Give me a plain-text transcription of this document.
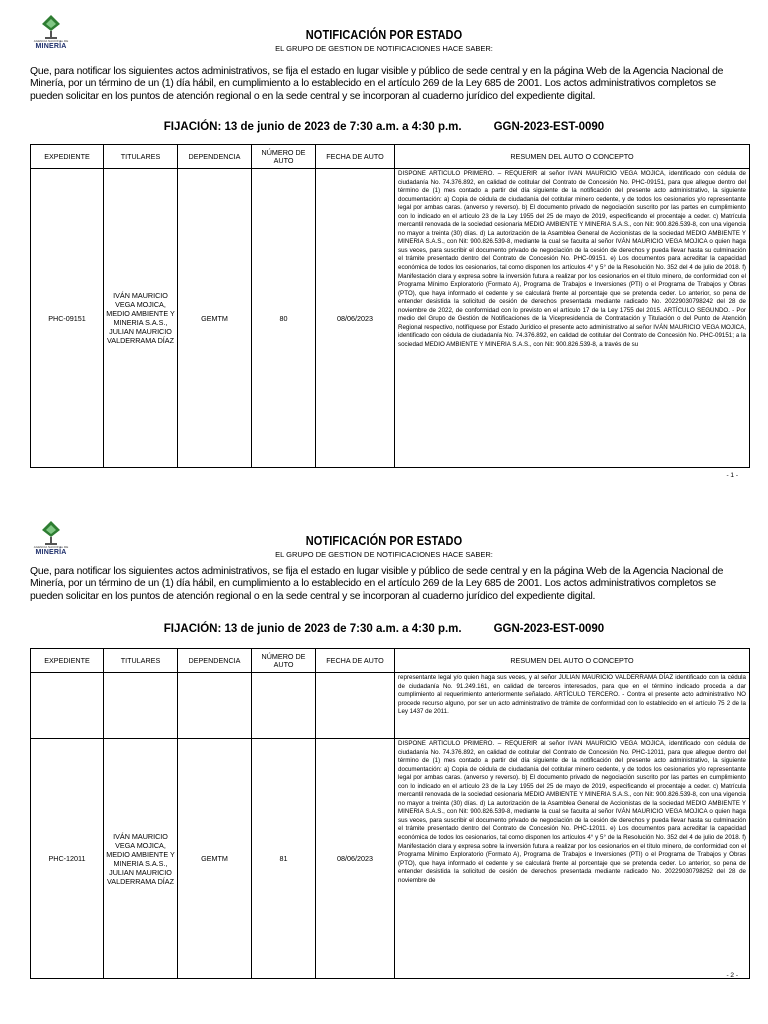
AGENCIA NACIONAL DE
MINERÍA
NOTIFICACIÓN POR ESTADO
EL GRUPO DE GESTION DE NOTIFICACIONES HACE SABER:
Que, para notificar los siguientes actos administrativos, se fija el estado en lugar visible y público de sede central y en la página Web de la Agencia Nacional de Minería, por un término de un (1) día hábil, en cumplimiento a lo establecido en el artículo 269 de la Ley 685 de 2001. Los actos administrativos completos se pueden solicitar en los puntos de atención regional o en la sede central y se incorporan al cuaderno jurídico del expediente digital.
FIJACIÓN: 13 de junio de 2023 de 7:30 a.m. a 4:30 p.m.	GGN-2023-EST-0090
EXPEDIENTE	TITULARES	DEPENDENCIA	NÚMERO DE AUTO	FECHA DE AUTO	RESUMEN DEL AUTO O CONCEPTO
PHC-09151	IVÁN MAURICIO VEGA MOJICA, MEDIO AMBIENTE Y MINERIA S.A.S., JULIAN MAURICIO VALDERRAMA DÍAZ	GEMTM	80	08/06/2023	DISPONE ARTÍCULO PRIMERO. – REQUERIR al señor IVÁN MAURICIO VEGA MOJICA, identificado con cédula de ciudadanía No. 74.376.892, en calidad de cotitular del Contrato de Concesión No. PHC-09151, para que allegue dentro del término de (1) mes contado a partir del día siguiente de la notificación del presente acto administrativo, la siguiente documentación: a) Copia de cédula de ciudadanía del cotitular minero cedente, y de todos los cesionarios y/o representante legal por ambas caras. (anverso y reverso). b) El documento privado de negociación suscrito por las partes en cumplimiento con lo indicado en el artículo 23 de la Ley 1955 del 25 de mayo de 2019, especificando el procentaje a ceder. c) Matrícula mercantil renovada de la sociedad cesionaria MEDIO AMBIENTE Y MINERIA S.A.S., con Nit: 900.826.539-8, con una vigencia no mayor a treinta (30) días. d) La autorización de la Asamblea General de Accionistas de la sociedad MEDIO AMBIENTE Y MINERIA S.A.S., con Nit: 900.826.539-8, mediante la cual se faculta al señor IVÁN MAURICIO VEGA MOJICA o quien haga sus veces, para suscribir el documento privado de negociación de la cesión de derechos y pueda llevar hasta su culminación el trámite presentado dentro del Contrato de Concesión No. PHC-09151. e) Los documentos para acreditar la capacidad económica de todos los cesionarios, tal como disponen los artículos 4° y 5° de la Resolución No. 352 del 4 de julio de 2018. f) Manifestación clara y expresa sobre la inversión futura a realizar por los cesionarios en el título minero, de conformidad con el Programa Mínimo Exploratorio (Formato A), Programa de Trabajos e Inversiones (PTI) o el Programa de Trabajos y Obras (PTO), que haya informado el cedente y se calculará frente al porcentaje que se pretenda ceder. Lo anterior, so pena de entender desistida la solicitud de cesión de derechos presentada mediante radicado No. 20229030798242 del 28 de noviembre de 2022, de conformidad con lo previsto en el artículo 17 de la Ley 1755 del 2015. ARTÍCULO SEGUNDO. - Por medio del Grupo de Gestión de Notificaciones de la Vicepresidencia de Contratación y Titulación o del Punto de Atención Regional respectivo, notifíquese por Estado Jurídico el presente acto administrativo al señor IVÁN MAURICIO VEGA MOJICA, identificado con cédula de ciudadanía No. 74.376.892, en calidad de cotitular del Contrato de Concesión No. PHC-09151; a la sociedad MEDIO AMBIENTE Y MINERIA S.A.S., con Nit: 900.826.539-8, a través de su
- 1 -
AGENCIA NACIONAL DE
MINERÍA
NOTIFICACIÓN POR ESTADO
EL GRUPO DE GESTION DE NOTIFICACIONES HACE SABER:
Que, para notificar los siguientes actos administrativos, se fija el estado en lugar visible y público de sede central y en la página Web de la Agencia Nacional de Minería, por un término de un (1) día hábil, en cumplimiento a lo establecido en el artículo 269 de la Ley 685 de 2001. Los actos administrativos completos se pueden solicitar en los puntos de atención regional o en la sede central y se incorporan al cuaderno jurídico del expediente digital.
FIJACIÓN: 13 de junio de 2023 de 7:30 a.m. a 4:30 p.m.	GGN-2023-EST-0090
EXPEDIENTE	TITULARES	DEPENDENCIA	NÚMERO DE AUTO	FECHA DE AUTO	RESUMEN DEL AUTO O CONCEPTO
					representante legal y/o quien haga sus veces, y al señor JULIAN MAURICIO VALDERRAMA DÍAZ identificado con la cédula de ciudadanía No. 91.249.161, en calidad de terceros interesados, para que en el término indicado proceda a dar cumplimiento al requerimiento anteriormente señalado. ARTÍCULO TERCERO. - Contra el presente acto administrativo NO procede recurso alguno, por ser un acto administrativo de trámite de conformidad con lo establecido en el artículo 75 2 de la Ley 1437 de 2011.
PHC-12011	IVÁN MAURICIO VEGA MOJICA, MEDIO AMBIENTE Y MINERIA S.A.S., JULIAN MAURICIO VALDERRAMA DÍAZ	GEMTM	81	08/06/2023	DISPONE ARTÍCULO PRIMERO. – REQUERIR al señor IVÁN MAURICIO VEGA MOJICA, identificado con cédula de ciudadanía No. 74.376.892, en calidad de cotitular del Contrato de Concesión No. PHC-12011, para que allegue dentro del término de (1) mes contado a partir del día siguiente de la notificación del presente acto administrativo, la siguiente documentación: a) Copia de cédula de ciudadanía del cotitular minero cedente, y de todos los cesionarios y/o representante legal por ambas caras. (anverso y reverso). b) El documento privado de negociación suscrito por las partes en cumplimiento con lo indicado en el artículo 23 de la Ley 1955 del 25 de mayo de 2019, especificando el procentaje a ceder. c) Matrícula mercantil renovada de la sociedad cesionaria MEDIO AMBIENTE Y MINERIA S.A.S., con Nit: 900.826.539-8, con una vigencia no mayor a treinta (30) días. d) La autorización de la Asamblea General de Accionistas de la sociedad MEDIO AMBIENTE Y MINERIA S.A.S., con Nit: 900.826.539-8, mediante la cual se faculta al señor IVÁN MAURICIO VEGA MOJICA o quien haga sus veces, para suscribir el documento privado de negociación de la cesión de derechos y pueda llevar hasta su culminación el trámite presentado dentro del Contrato de Concesión No. PHC-12011. e) Los documentos para acreditar la capacidad económica de todos los cesionarios, tal como disponen los artículos 4° y 5° de la Resolución No. 352 del 4 de julio de 2018. f) Manifestación clara y expresa sobre la inversión futura a realizar por los cesionarios en el título minero, de conformidad con el Programa Mínimo Exploratorio (Formato A), Programa de Trabajos e Inversiones (PTI) o el Programa de Trabajos y Obras (PTO), que haya informado el cedente y se calculará frente al porcentaje que se pretenda ceder. Lo anterior, so pena de entender desistida la solicitud de cesión de derechos presentada mediante radicado No. 20229030798252 del 28 de noviembre de
- 2 -
